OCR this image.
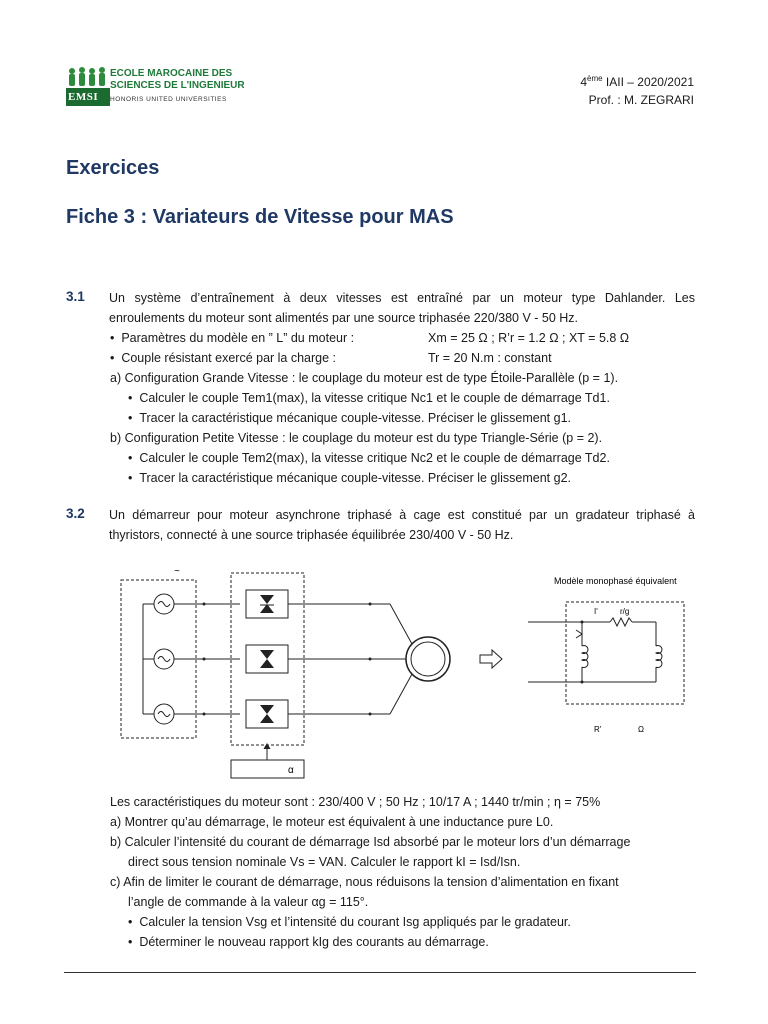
EMSI
ECOLE MAROCAINE DES
SCIENCES DE L'INGENIEUR
HONORIS UNITED UNIVERSITIES
4ème IAII – 2020/2021
Prof. : M. ZEGRARI
Exercices
Fiche 3 : Variateurs de Vitesse pour MAS
3.1 Un système d’entraînement à deux vitesses est entraîné par un moteur type Dahlander. Les enroulements du moteur sont alimentés par une source triphasée 220/380 V - 50 Hz.
•  Paramètres du modèle en ” L” du moteur :	Xm = 25 Ω ; R’r = 1.2 Ω ; XT = 5.8 Ω
•  Couple résistant exercé par la charge :	Tr = 20 N.m : constant
a) Configuration Grande Vitesse : le couplage du moteur est de type Étoile-Parallèle (p = 1).
•  Calculer le couple Tem1(max), la vitesse critique Nc1 et le couple de démarrage Td1.
•  Tracer la caractéristique mécanique couple-vitesse. Préciser le glissement g1.
b) Configuration Petite Vitesse : le couplage du moteur est du type Triangle-Série (p = 2).
•  Calculer le couple Tem2(max), la vitesse critique Nc2 et le couple de démarrage Td2.
•  Tracer la caractéristique mécanique couple-vitesse. Préciser le glissement g2.
3.2 Un démarreur pour moteur asynchrone triphasé à cage est constitué par un gradateur triphasé à thyristors, connecté à une source triphasée équilibrée 230/400 V - 50 Hz.
~
α
Modèle monophasé équivalent
I'	r/g
R'	Ω
Les caractéristiques du moteur sont : 230/400 V ; 50 Hz ; 10/17 A ; 1440 tr/min ; η = 75%
a) Montrer qu’au démarrage, le moteur est équivalent à une inductance pure L0.
b) Calculer l’intensité du courant de démarrage Isd absorbé par le moteur lors d’un démarrage
direct sous tension nominale Vs = VAN. Calculer le rapport kI = Isd/Isn.
c) Afin de limiter le courant de démarrage, nous réduisons la tension d’alimentation en fixant
l’angle de commande à la valeur αg = 115°.
•  Calculer la tension Vsg et l’intensité du courant Isg appliqués par le gradateur.
•  Déterminer le nouveau rapport kIg des courants au démarrage.
